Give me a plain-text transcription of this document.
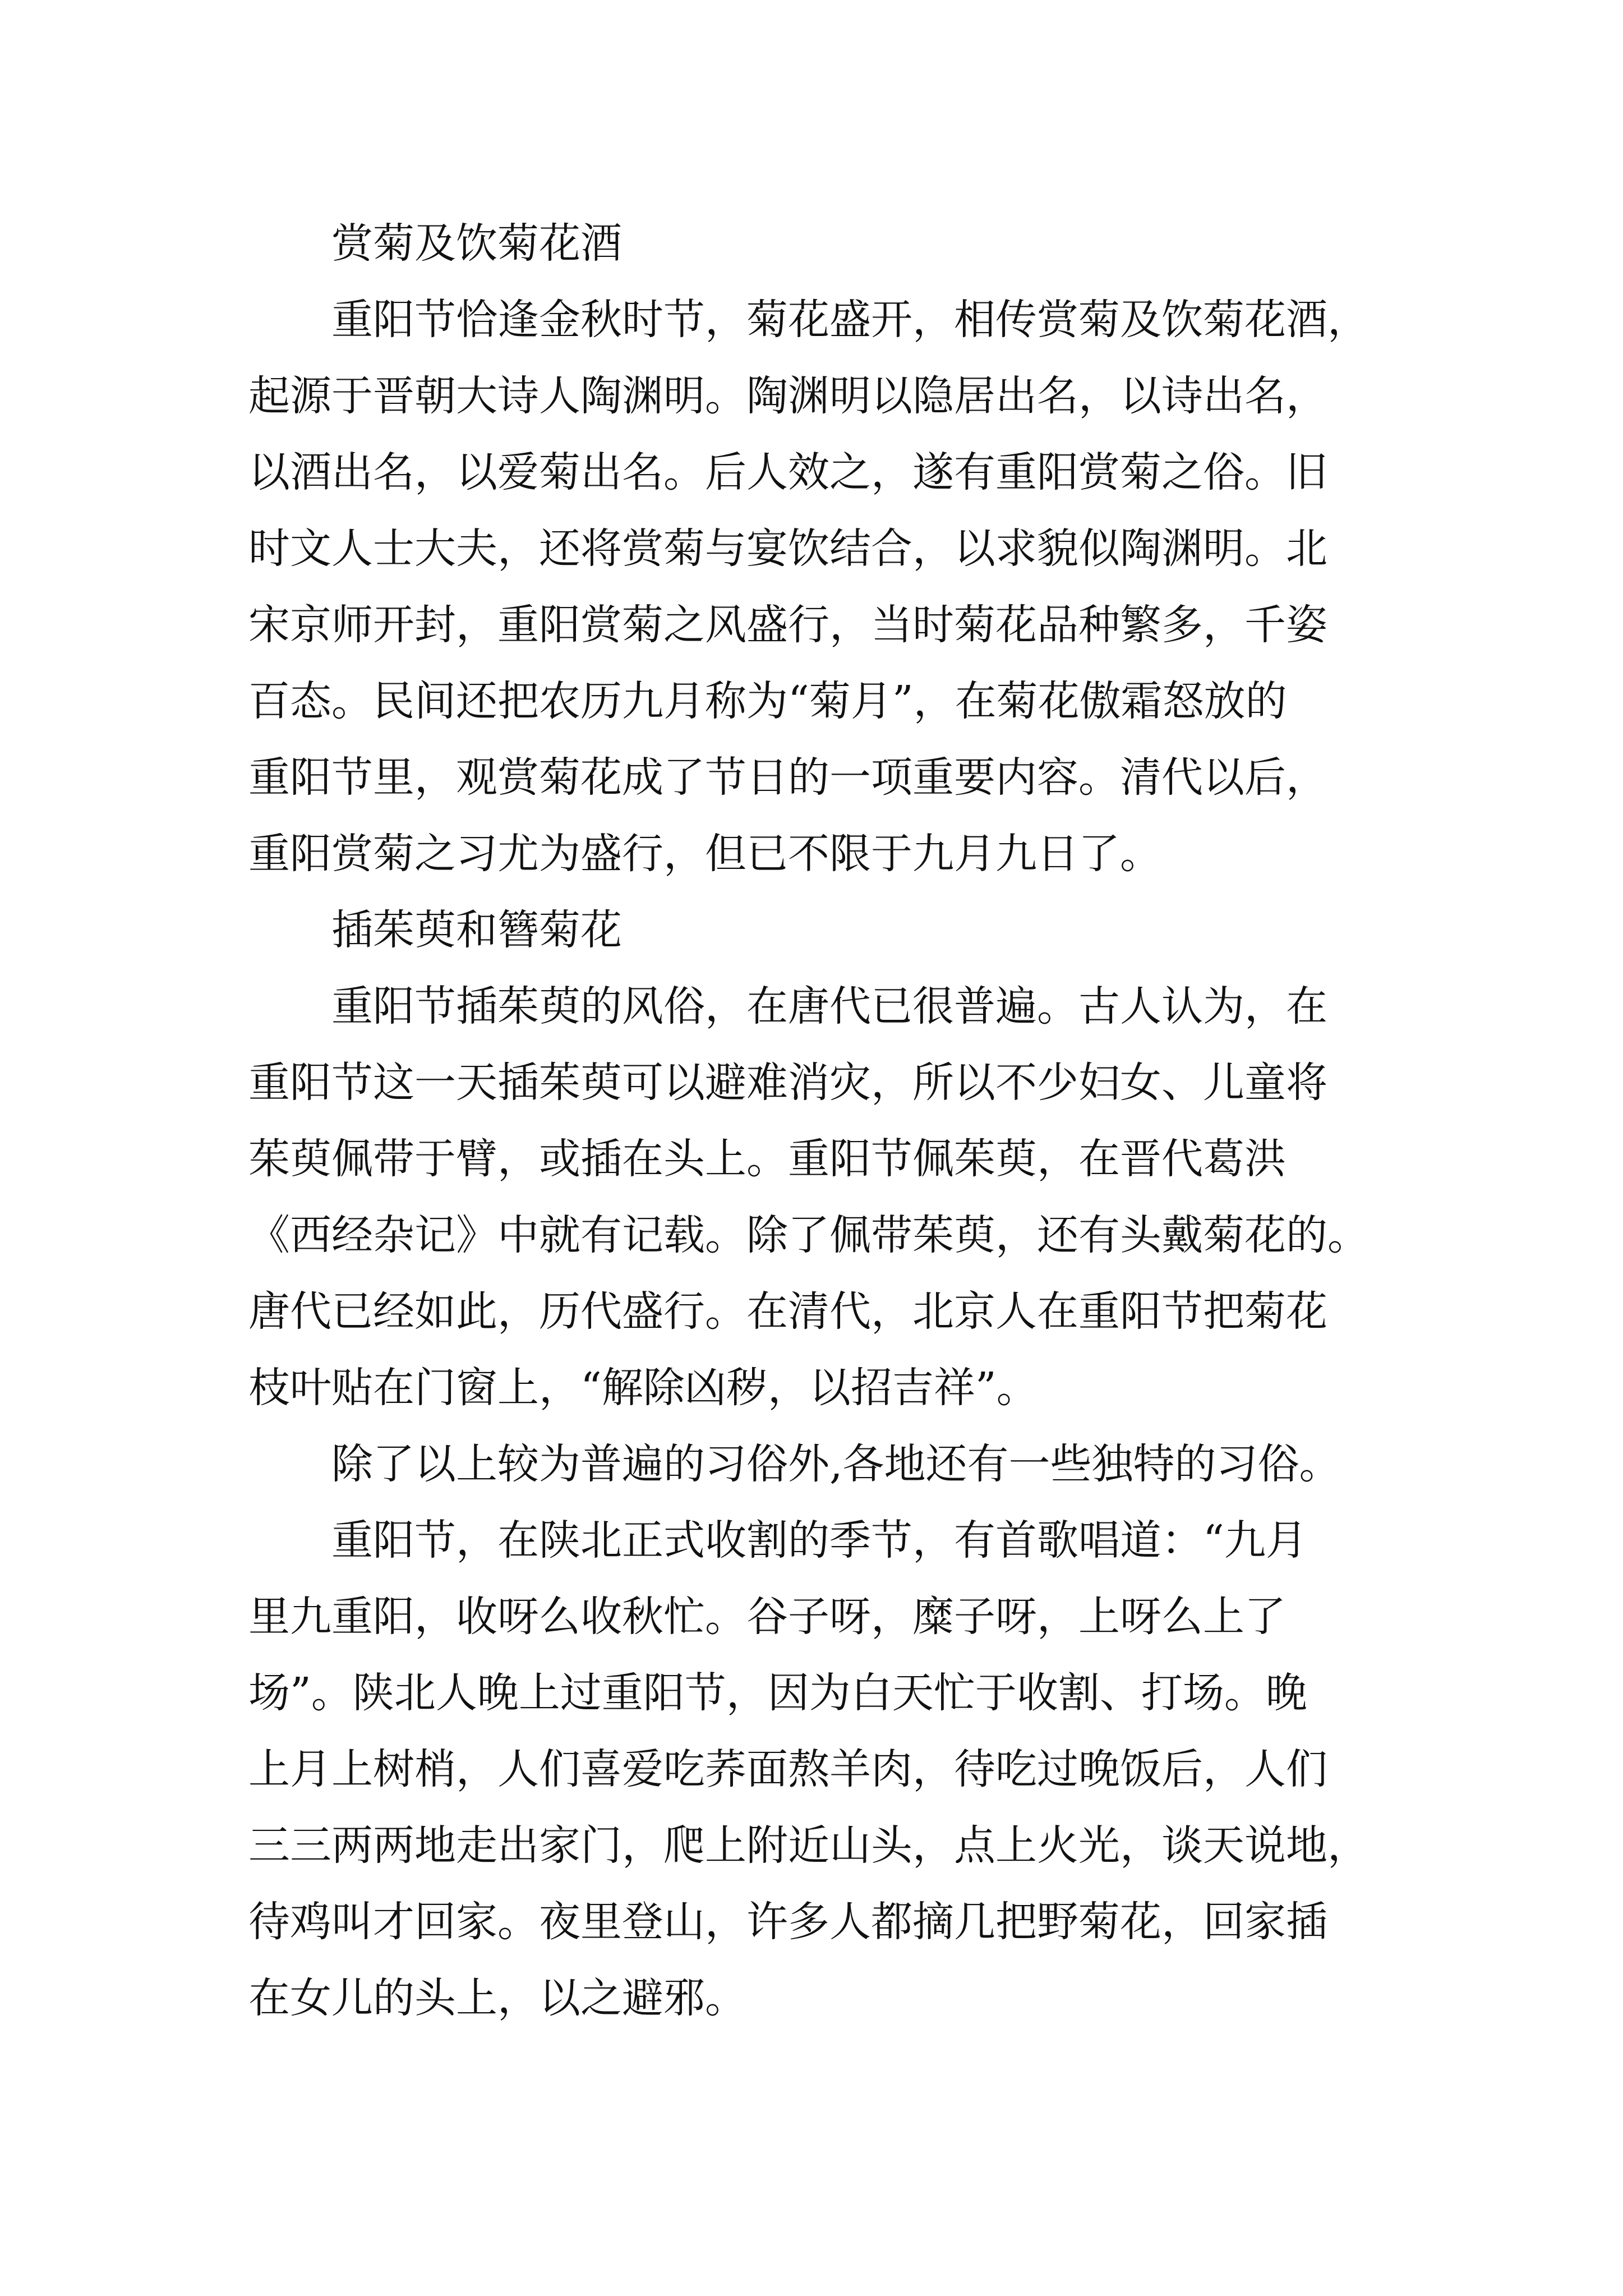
赏菊及饮菊花酒
重阳节恰逢金秋时节，菊花盛开，相传赏菊及饮菊花酒，
起源于晋朝大诗人陶渊明。陶渊明以隐居出名，以诗出名，
以酒出名，以爱菊出名。后人效之，遂有重阳赏菊之俗。旧
时文人士大夫，还将赏菊与宴饮结合，以求貌似陶渊明。北
宋京师开封，重阳赏菊之风盛行，当时菊花品种繁多，千姿
百态。民间还把农历九月称为“菊月”，在菊花傲霜怒放的
重阳节里，观赏菊花成了节日的一项重要内容。清代以后，
重阳赏菊之习尤为盛行，但已不限于九月九日了。
插茱萸和簪菊花
重阳节插茱萸的风俗，在唐代已很普遍。古人认为，在
重阳节这一天插茱萸可以避难消灾，所以不少妇女、儿童将
茱萸佩带于臂，或插在头上。重阳节佩茱萸，在晋代葛洪
《西经杂记》中就有记载。除了佩带茱萸，还有头戴菊花的。
唐代已经如此，历代盛行。在清代，北京人在重阳节把菊花
枝叶贴在门窗上，“解除凶秽，以招吉祥”。
除了以上较为普遍的习俗外,各地还有一些独特的习俗。
重阳节，在陕北正式收割的季节，有首歌唱道：“九月
里九重阳，收呀么收秋忙。谷子呀，糜子呀，上呀么上了
场”。陕北人晚上过重阳节，因为白天忙于收割、打场。晚
上月上树梢，人们喜爱吃荞面熬羊肉，待吃过晚饭后，人们
三三两两地走出家门，爬上附近山头，点上火光，谈天说地，
待鸡叫才回家。夜里登山，许多人都摘几把野菊花，回家插
在女儿的头上，以之避邪。
